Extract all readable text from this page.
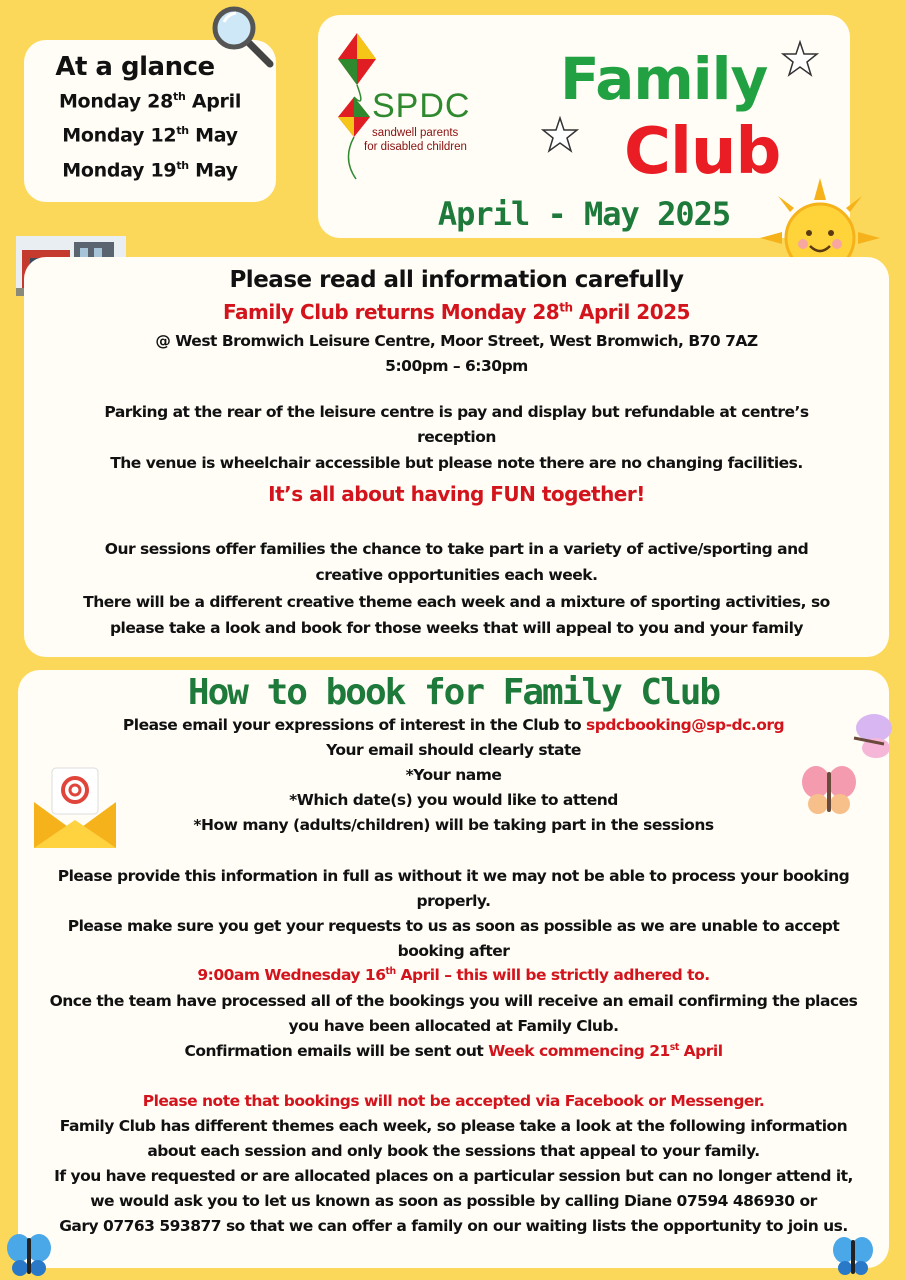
At a glance
Monday 28th April
Monday 12th May
Monday 19th May
SPDC
sandwell parents
for disabled children
Family
Club
April - May 2025
Please read all information carefully
Family Club returns Monday 28th April 2025
@ West Bromwich Leisure Centre, Moor Street, West Bromwich, B70 7AZ
5:00pm – 6:30pm
Parking at the rear of the leisure centre is pay and display but refundable at centre’s
reception
The venue is wheelchair accessible but please note there are no changing facilities.
It’s all about having FUN together!
Our sessions offer families the chance to take part in a variety of active/sporting and
creative opportunities each week.
There will be a different creative theme each week and a mixture of sporting activities, so
please take a look and book for those weeks that will appeal to you and your family
How to book for Family Club
Please email your expressions of interest in the Club to spdcbooking@sp-dc.org
Your email should clearly state
*Your name
*Which date(s) you would like to attend
*How many (adults/children) will be taking part in the sessions
Please provide this information in full as without it we may not be able to process your booking
properly.
Please make sure you get your requests to us as soon as possible as we are unable to accept
booking after
9:00am Wednesday 16th April – this will be strictly adhered to.
Once the team have processed all of the bookings you will receive an email confirming the places
you have been allocated at Family Club.
Confirmation emails will be sent out Week commencing 21st April
Please note that bookings will not be accepted via Facebook or Messenger.
Family Club has different themes each week, so please take a look at the following information
about each session and only book the sessions that appeal to your family.
If you have requested or are allocated places on a particular session but can no longer attend it,
we would ask you to let us known as soon as possible by calling Diane 07594 486930 or
Gary 07763 593877 so that we can offer a family on our waiting lists the opportunity to join us.
